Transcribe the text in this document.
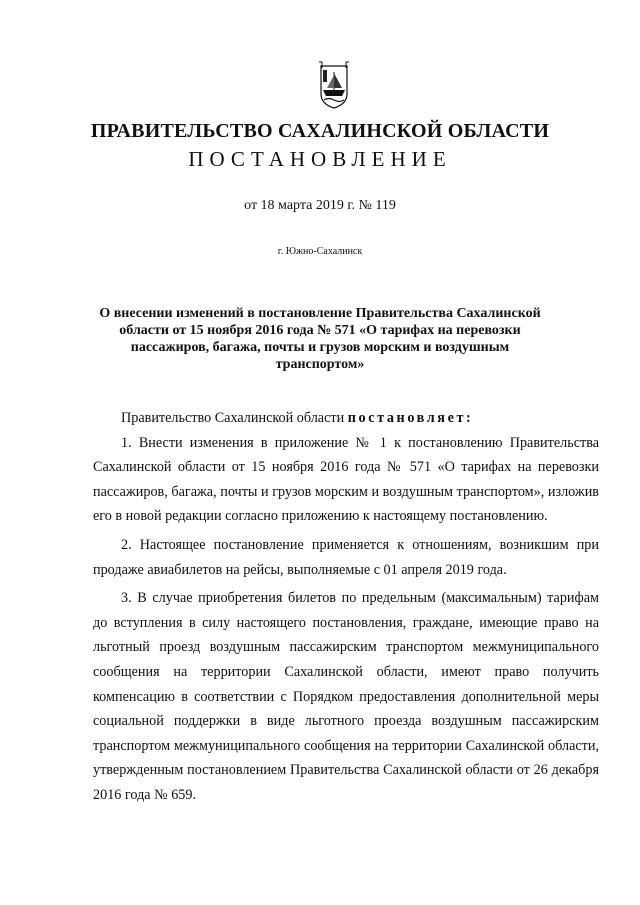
ПРАВИТЕЛЬСТВО САХАЛИНСКОЙ ОБЛАСТИ
ПОСТАНОВЛЕНИЕ
от 18 марта 2019 г. № 119
г. Южно-Сахалинск
О внесении изменений в постановление Правительства Сахалинской
области от 15 ноября 2016 года № 571 «О тарифах на перевозки
пассажиров, багажа, почты и грузов морским и воздушным
транспортом»

Правительство Сахалинской области постановляет:

1. Внести изменения в приложение № 1 к постановлению Правительства Сахалинской области от 15 ноября 2016 года № 571 «О тарифах на перевозки пассажиров, багажа, почты и грузов морским и воздушным транспортом», изложив его в новой редакции согласно приложению к настоящему постановлению.

2. Настоящее постановление применяется к отношениям, возникшим при продаже авиабилетов на рейсы, выполняемые с 01 апреля 2019 года.

3. В случае приобретения билетов по предельным (максимальным) тарифам до вступления в силу настоящего постановления, граждане, имеющие право на льготный проезд воздушным пассажирским транспортом межмуниципального сообщения на территории Сахалинской области, имеют право получить компенсацию в соответствии с Порядком предоставления дополнительной меры социальной поддержки в виде льготного проезда воздушным пассажирским транспортом межмуниципального сообщения на территории Сахалинской области, утвержденным постановлением Правительства Сахалинской области от 26 декабря 2016 года № 659.
